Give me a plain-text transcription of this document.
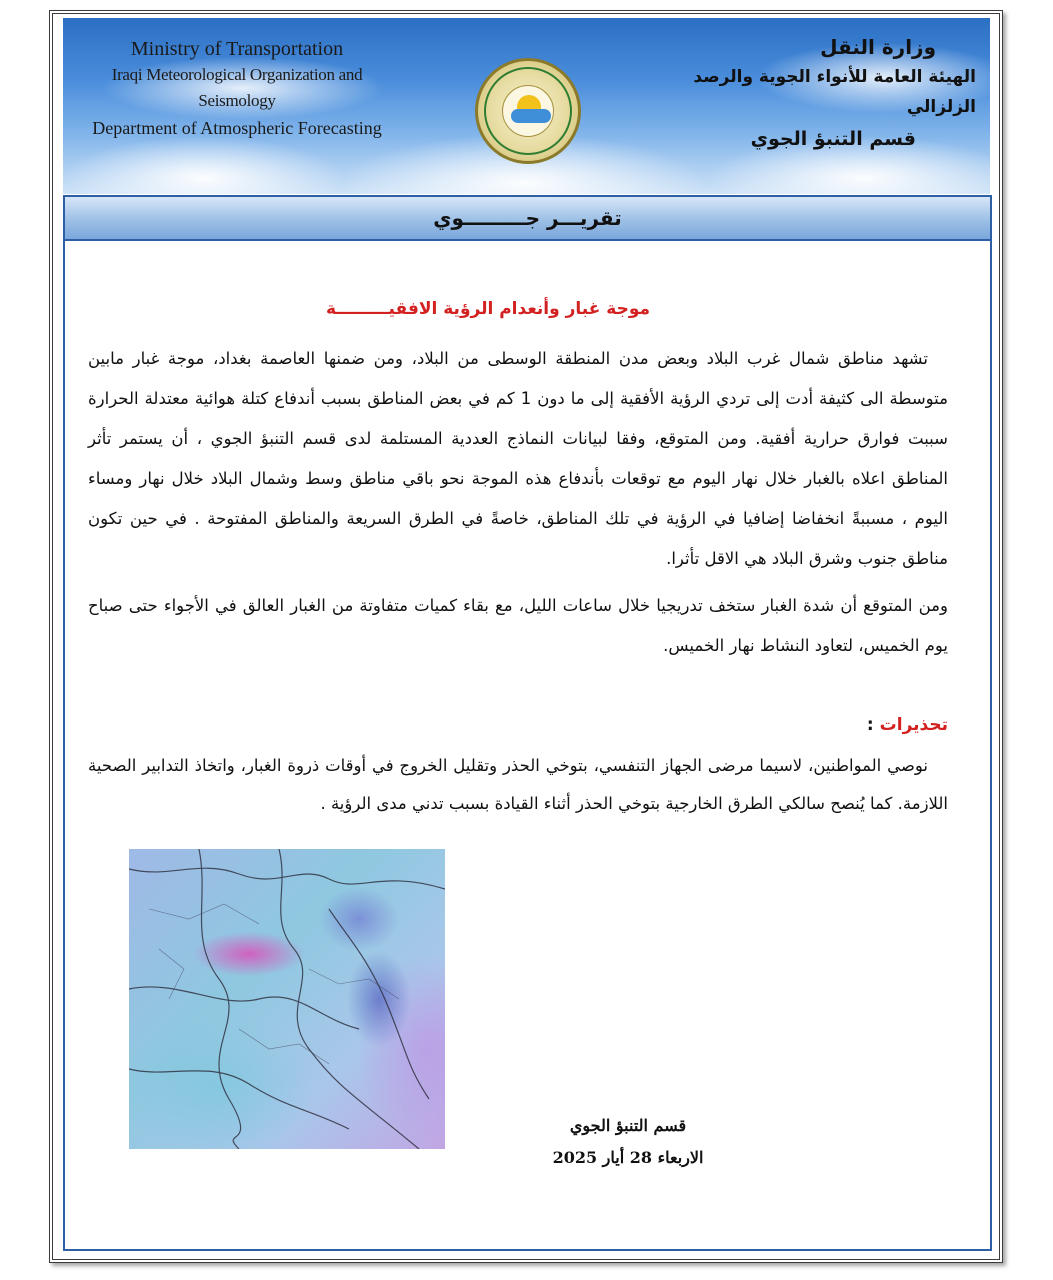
Ministry of Transportation
Iraqi Meteorological Organization and Seismology
Department of Atmospheric Forecasting
وزارة النقل
الهيئة العامة للأنواء الجوية والرصد الزلزالي
قسم التنبؤ الجوي
تقريـــر جـــــــــوي
موجة غبار وأنعدام الرؤية الافقيـــــــــة
تشهد مناطق شمال غرب البلاد وبعض مدن المنطقة الوسطى من البلاد، ومن ضمنها العاصمة بغداد، موجة غبار مابين متوسطة الى كثيفة أدت إلى تردي الرؤية الأفقية إلى ما دون 1 كم في بعض المناطق بسبب أندفاع كتلة هوائية معتدلة الحرارة سببت فوارق حرارية أفقية. ومن المتوقع، وفقا لبيانات النماذج العددية المستلمة لدى قسم التنبؤ الجوي ، أن يستمر تأثر المناطق اعلاه بالغبار خلال نهار اليوم مع توقعات بأندفاع هذه الموجة نحو باقي مناطق وسط وشمال البلاد خلال نهار ومساء اليوم ، مسببةً انخفاضا إضافيا في الرؤية في تلك المناطق، خاصةً في الطرق السريعة والمناطق المفتوحة . في حين تكون مناطق جنوب وشرق البلاد هي الاقل تأثرا.
ومن المتوقع أن شدة الغبار ستخف تدريجيا خلال ساعات الليل، مع بقاء كميات متفاوتة من الغبار العالق في الأجواء حتى صباح يوم الخميس، لتعاود النشاط نهار الخميس.
تحذيرات:
نوصي المواطنين، لاسيما مرضى الجهاز التنفسي، بتوخي الحذر وتقليل الخروج في أوقات ذروة الغبار، واتخاذ التدابير الصحية اللازمة. كما يُنصح سالكي الطرق الخارجية بتوخي الحذر أثناء القيادة بسبب تدني مدى الرؤية .
قسم التنبؤ الجوي
الاربعاء 28 أيار 2025
